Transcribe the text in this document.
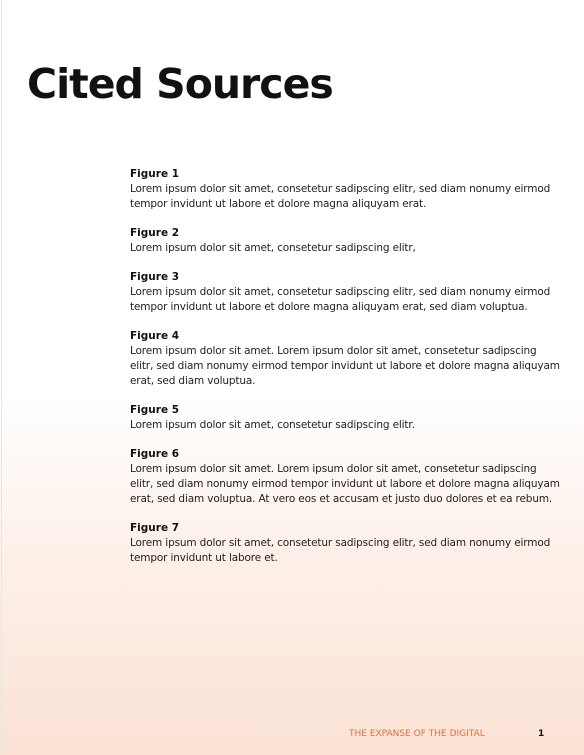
Cited Sources
Figure 1
Lorem ipsum dolor sit amet, consetetur sadipscing elitr, sed diam nonumy eirmod tempor invidunt ut labore et dolore magna aliquyam erat.
Figure 2
Lorem ipsum dolor sit amet, consetetur sadipscing elitr,
Figure 3
Lorem ipsum dolor sit amet, consetetur sadipscing elitr, sed diam nonumy eirmod tempor invidunt ut labore et dolore magna aliquyam erat, sed diam voluptua.
Figure 4
Lorem ipsum dolor sit amet. Lorem ipsum dolor sit amet, consetetur sadipscing elitr, sed diam nonumy eirmod tempor invidunt ut labore et dolore magna aliquyam erat, sed diam voluptua.
Figure 5
Lorem ipsum dolor sit amet, consetetur sadipscing elitr.
Figure 6
Lorem ipsum dolor sit amet. Lorem ipsum dolor sit amet, consetetur sadipscing elitr, sed diam nonumy eirmod tempor invidunt ut labore et dolore magna aliquyam erat, sed diam voluptua. At vero eos et accusam et justo duo dolores et ea rebum.
Figure 7
Lorem ipsum dolor sit amet, consetetur sadipscing elitr, sed diam nonumy eirmod tempor invidunt ut labore et.
THE EXPANSE OF THE DIGITAL	1
